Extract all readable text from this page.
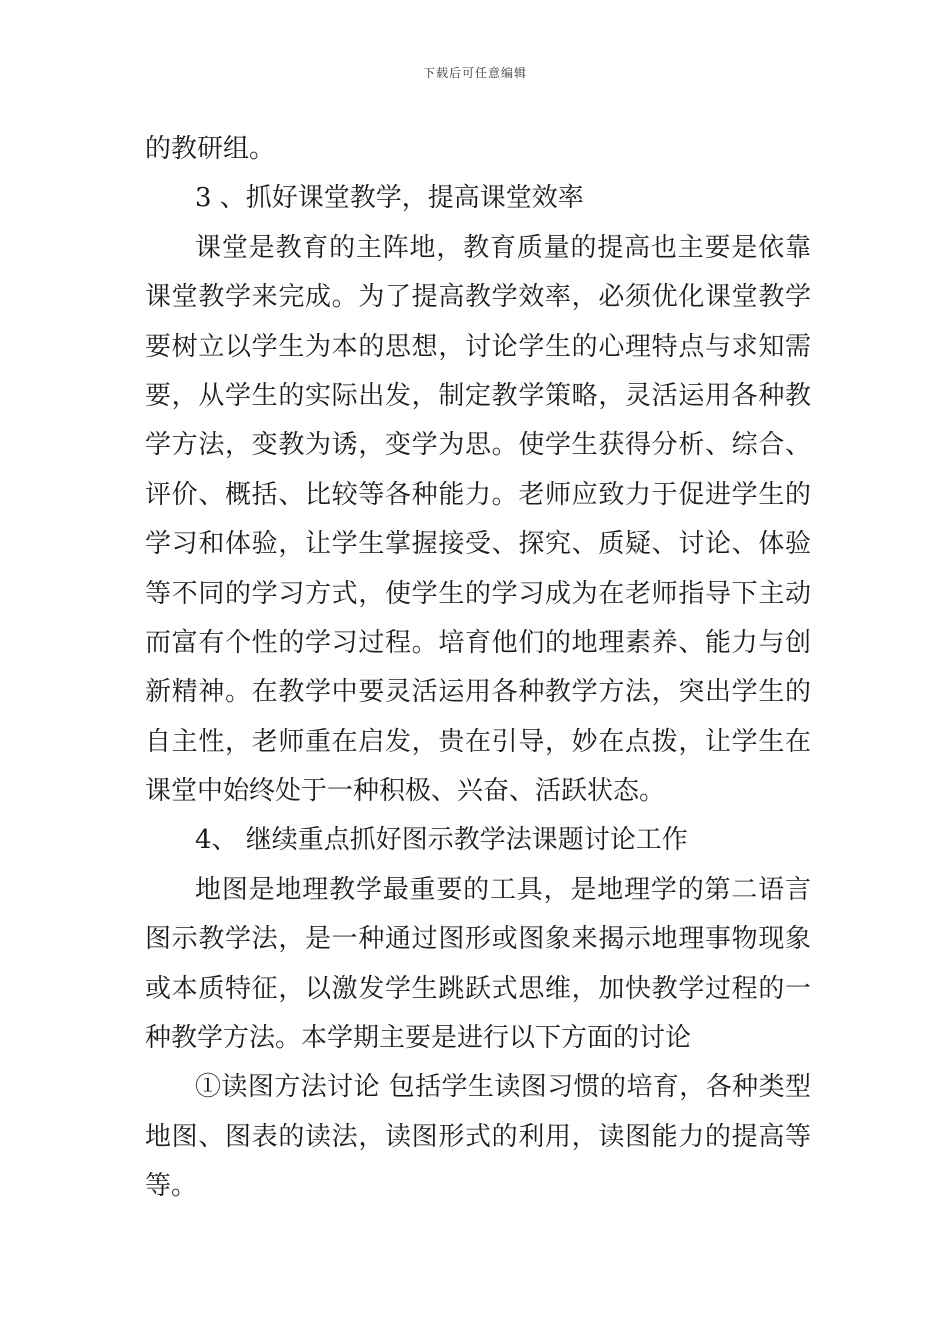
下载后可任意编辑
的教研组。
3 、抓好课堂教学，提高课堂效率
课堂是教育的主阵地，教育质量的提高也主要是依靠
课堂教学来完成。为了提高教学效率，必须优化课堂教学
要树立以学生为本的思想，讨论学生的心理特点与求知需
要，从学生的实际出发，制定教学策略，灵活运用各种教
学方法，变教为诱，变学为思。使学生获得分析、综合、
评价、概括、比较等各种能力。老师应致力于促进学生的
学习和体验，让学生掌握接受、探究、质疑、讨论、体验
等不同的学习方式，使学生的学习成为在老师指导下主动
而富有个性的学习过程。培育他们的地理素养、能力与创
新精神。在教学中要灵活运用各种教学方法，突出学生的
自主性，老师重在启发，贵在引导，妙在点拨，让学生在
课堂中始终处于一种积极、兴奋、活跃状态。
4、 继续重点抓好图示教学法课题讨论工作
地图是地理教学最重要的工具，是地理学的第二语言
图示教学法，是一种通过图形或图象来揭示地理事物现象
或本质特征，以激发学生跳跃式思维，加快教学过程的一
种教学方法。本学期主要是进行以下方面的讨论
①读图方法讨论 包括学生读图习惯的培育，各种类型
地图、图表的读法，读图形式的利用，读图能力的提高等
等。
